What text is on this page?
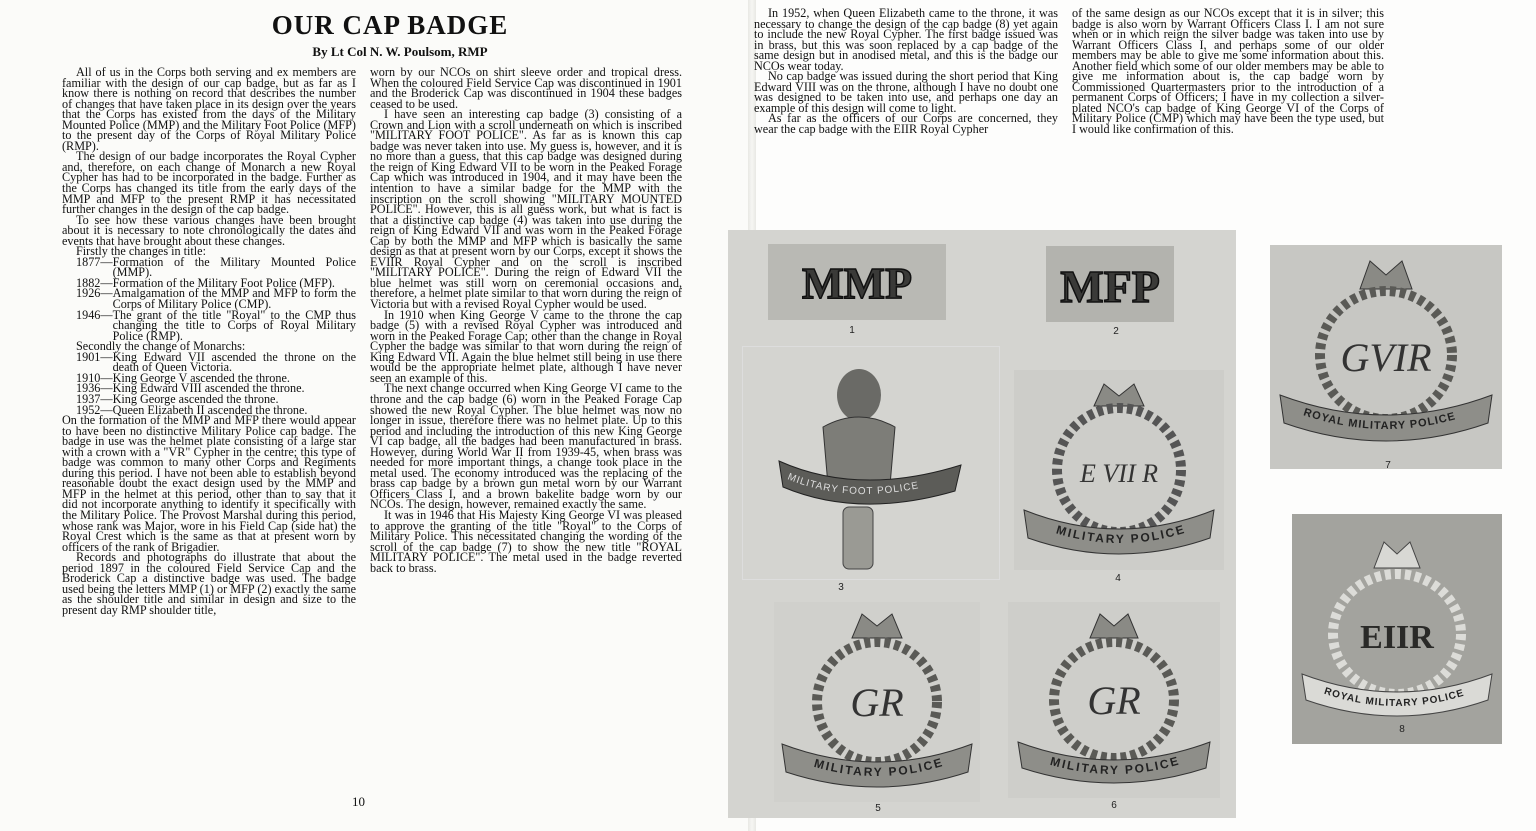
OUR CAP BADGE
By Lt Col N. W. Poulsom, RMP

All of us in the Corps both serving and ex members are familiar with the design of our cap badge, but as far as I know there is nothing on record that describes the number of changes that have taken place in its design over the years that the Corps has existed from the days of the Military Mounted Police (MMP) and the Military Foot Police (MFP) to the present day of the Corps of Royal Military Police (RMP).

The design of our badge incorporates the Royal Cypher and, therefore, on each change of Monarch a new Royal Cypher has had to be incorporated in the badge. Further as the Corps has changed its title from the early days of the MMP and MFP to the present RMP it has necessitated further changes in the design of the cap badge.

To see how these various changes have been brought about it is necessary to note chronologically the dates and events that have brought about these changes.

Firstly the changes in title:

1877— Formation of the Military Mounted Police (MMP).
1882— Formation of the Military Foot Police (MFP).
1926— Amalgamation of the MMP and MFP to form the Corps of Military Police (CMP).
1946— The grant of the title "Royal" to the CMP thus changing the title to Corps of Royal Military Police (RMP).

Secondly the change of Monarchs:

1901— King Edward VII ascended the throne on the death of Queen Victoria.
1910— King George V ascended the throne.
1936— King Edward VIII ascended the throne.
1937— King George ascended the throne.
1952— Queen Elizabeth II ascended the throne.

On the formation of the MMP and MFP there would appear to have been no distinctive Military Police cap badge. The badge in use was the helmet plate consisting of a large star with a crown with a "VR" Cypher in the centre; this type of badge was common to many other Corps and Regiments during this period. I have not been able to establish beyond reasonable doubt the exact design used by the MMP and MFP in the helmet at this period, other than to say that it did not incorporate anything to identify it specifically with the Military Police. The Provost Marshal during this period, whose rank was Major, wore in his Field Cap (side hat) the Royal Crest which is the same as that at present worn by officers of the rank of Brigadier.

Records and photographs do illustrate that about the period 1897 in the coloured Field Service Cap and the Broderick Cap a distinctive badge was used. The badge used being the letters MMP (1) or MFP (2) exactly the same as the shoulder title and similar in design and size to the present day RMP shoulder title,

worn by our NCOs on shirt sleeve order and tropical dress. When the coloured Field Service Cap was discontinued in 1901 and the Broderick Cap was discontinued in 1904 these badges ceased to be used.

I have seen an interesting cap badge (3) consisting of a Crown and Lion with a scroll underneath on which is inscribed "MILITARY FOOT POLICE". As far as is known this cap badge was never taken into use. My guess is, however, and it is no more than a guess, that this cap badge was designed during the reign of King Edward VII to be worn in the Peaked Forage Cap which was introduced in 1904, and it may have been the intention to have a similar badge for the MMP with the inscription on the scroll showing "MILITARY MOUNTED POLICE". However, this is all guess work, but what is fact is that a distinctive cap badge (4) was taken into use during the reign of King Edward VII and was worn in the Peaked Forage Cap by both the MMP and MFP which is basically the same design as that at present worn by our Corps, except it shows the EVIIR Royal Cypher and on the scroll is inscribed "MILITARY POLICE". During the reign of Edward VII the blue helmet was still worn on ceremonial occasions and, therefore, a helmet plate similar to that worn during the reign of Victoria but with a revised Royal Cypher would be used.

In 1910 when King George V came to the throne the cap badge (5) with a revised Royal Cypher was introduced and worn in the Peaked Forage Cap; other than the change in Royal Cypher the badge was similar to that worn during the reign of King Edward VII. Again the blue helmet still being in use there would be the appropriate helmet plate, although I have never seen an example of this.

The next change occurred when King George VI came to the throne and the cap badge (6) worn in the Peaked Forage Cap showed the new Royal Cypher. The blue helmet was now no longer in issue, therefore there was no helmet plate. Up to this period and including the introduction of this new King George VI cap badge, all the badges had been manufactured in brass. However, during World War II from 1939-45, when brass was needed for more important things, a change took place in the metal used. The economy introduced was the replacing of the brass cap badge by a brown gun metal worn by our Warrant Officers Class I, and a brown bakelite badge worn by our NCOs. The design, however, remained exactly the same.

It was in 1946 that His Majesty King George VI was pleased to approve the granting of the title "Royal" to the Corps of Military Police. This necessitated changing the wording of the scroll of the cap badge (7) to show the new title "ROYAL MILITARY POLICE". The metal used in the badge reverted back to brass.

10

In 1952, when Queen Elizabeth came to the throne, it was necessary to change the design of the cap badge (8) yet again to include the new Royal Cypher. The first badge issued was in brass, but this was soon replaced by a cap badge of the same design but in anodised metal, and this is the badge our NCOs wear today.

No cap badge was issued during the short period that King Edward VIII was on the throne, although I have no doubt one was designed to be taken into use, and perhaps one day an example of this design will come to light.

As far as the officers of our Corps are concerned, they wear the cap badge with the EIIR Royal Cypher

of the same design as our NCOs except that it is in silver; this badge is also worn by Warrant Officers Class I. I am not sure when or in which reign the silver badge was taken into use by Warrant Officers Class I, and perhaps some of our older members may be able to give me some information about this. Another field which some of our older members may be able to give me information about is, the cap badge worn by Commissioned Quartermasters prior to the introduction of a permanent Corps of Officers; I have in my collection a silver-plated NCO's cap badge of King George VI of the Corps of Military Police (CMP) which may have been the type used, but I would like confirmation of this.

MMP
1
MFP
2
MILITARY FOOT POLICE
3
E VII R
MILITARY POLICE
4
GR
MILITARY POLICE
5
GR
MILITARY POLICE
6
GVIR
ROYAL MILITARY POLICE
7
EIIR
ROYAL MILITARY POLICE
8
